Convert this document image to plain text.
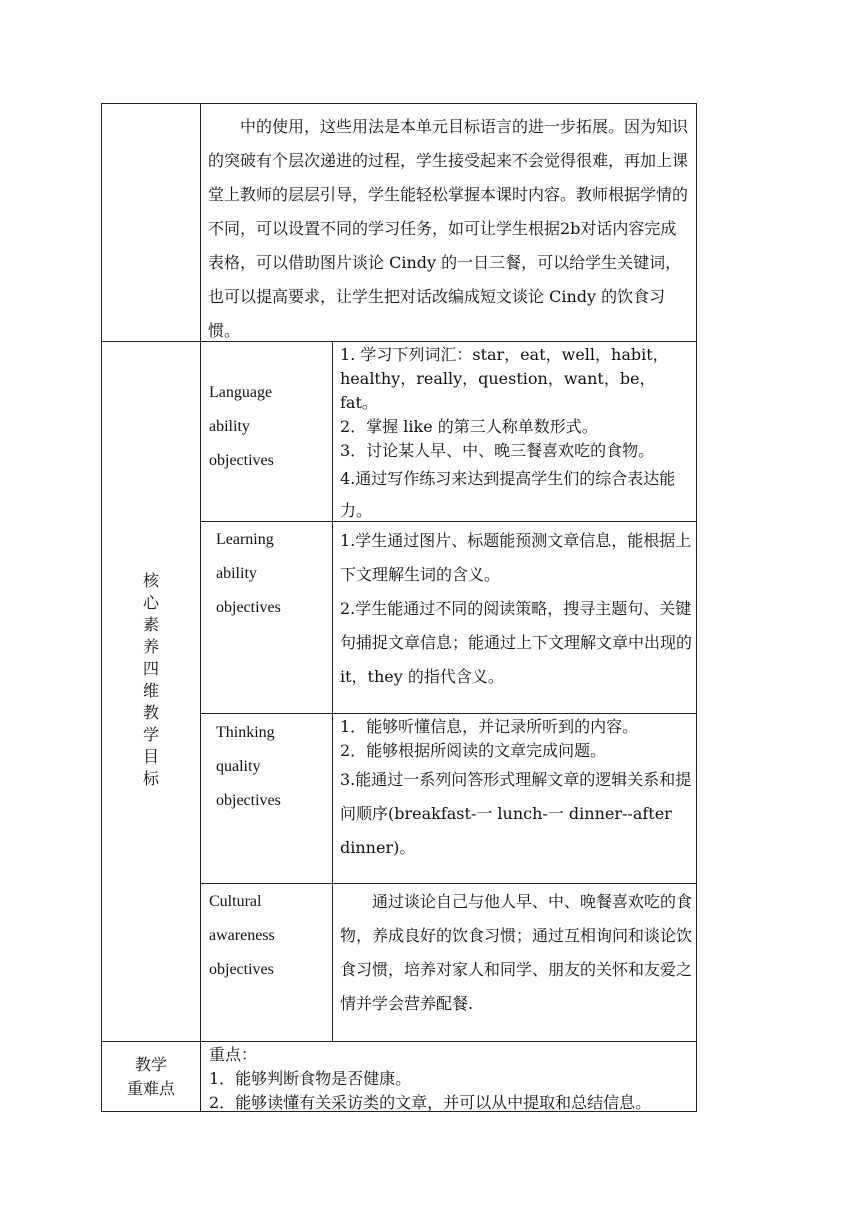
中的使用，这些用法是本单元目标语言的进一步拓展。因为知识的突破有个层次递进的过程，学生接受起来不会觉得很难，再加上课堂上教师的层层引导，学生能轻松掌握本课时内容。教师根据学情的不同，可以设置不同的学习任务，如可让学生根据2b对话内容完成表格，可以借助图片谈论 Cindy 的一日三餐，可以给学生关键词，也可以提高要求，让学生把对话改编成短文谈论 Cindy 的饮食习惯。

核
心
素
养
四
维
教
学
目
标
Language
ability
objectives

1. 学习下列词汇：star，eat，well，habit，healthy，really，question，want，be，fat。

2．掌握 like 的第三人称单数形式。

3．讨论某人早、中、晚三餐喜欢吃的食物。

4.通过写作练习来达到提高学生们的综合表达能力。

Learning
ability
objectives

1.学生通过图片、标题能预测文章信息，能根据上下文理解生词的含义。

2.学生能通过不同的阅读策略，搜寻主题句、关键句捕捉文章信息；能通过上下文理解文章中出现的 it，they 的指代含义。

Thinking
quality
objectives

1．能够听懂信息，并记录所听到的内容。

2．能够根据所阅读的文章完成问题。

3.能通过一系列问答形式理解文章的逻辑关系和提问顺序(breakfast-一 lunch-一 dinner--after dinner)。

Cultural
awareness
objectives

通过谈论自己与他人早、中、晚餐喜欢吃的食物，养成良好的饮食习惯；通过互相询问和谈论饮食习惯，培养对家人和同学、朋友的关怀和友爱之情并学会营养配餐.

教学
重难点

重点：

1．能够判断食物是否健康。

2．能够读懂有关采访类的文章，并可以从中提取和总结信息。
